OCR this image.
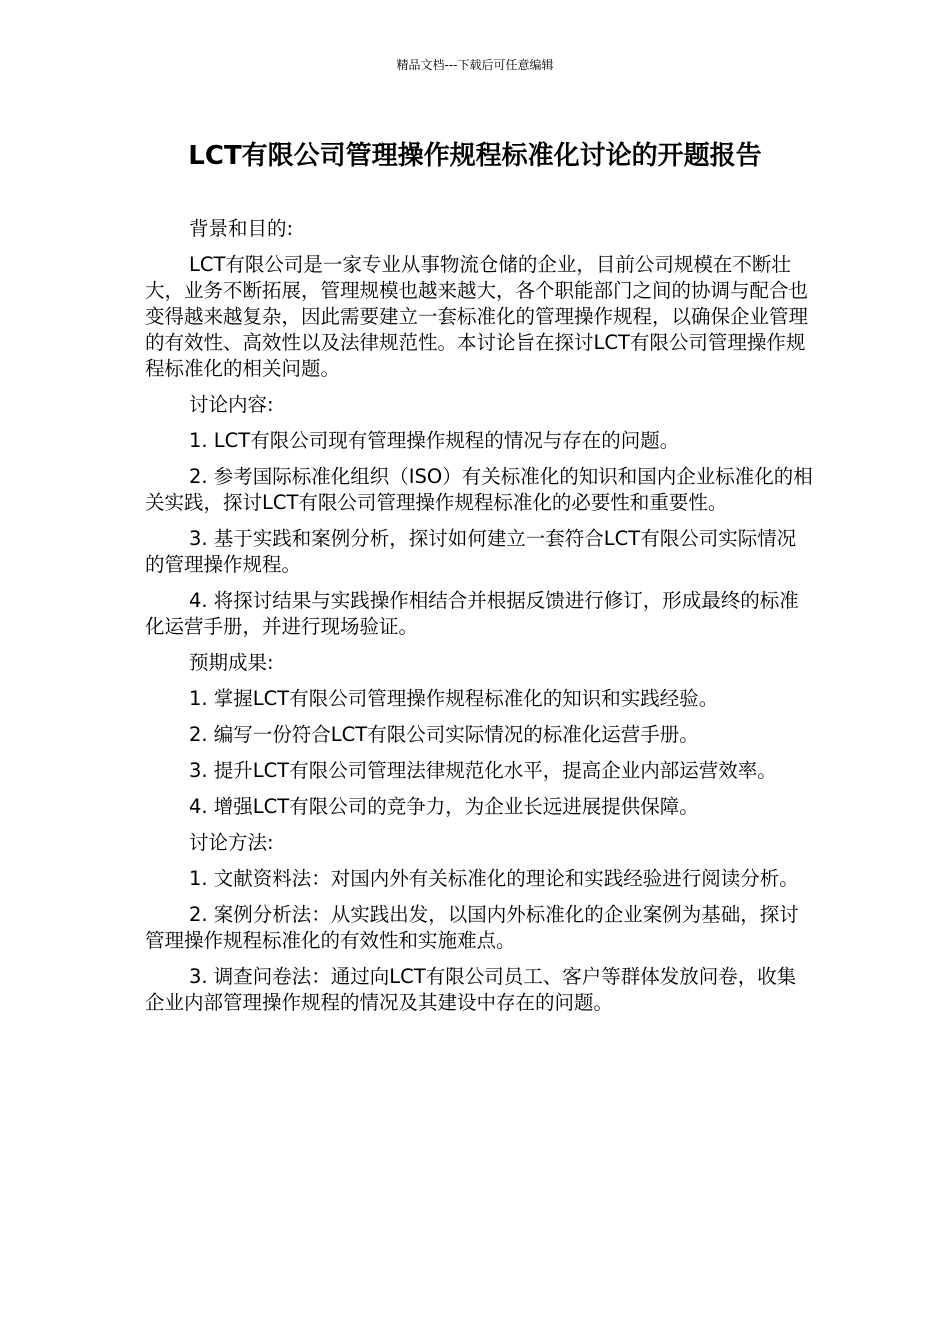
精品文档---下载后可任意编辑
LCT有限公司管理操作规程标准化讨论的开题报告

背景和目的:

LCT有限公司是一家专业从事物流仓储的企业，目前公司规模在不断壮大，业务不断拓展，管理规模也越来越大，各个职能部门之间的协调与配合也变得越来越复杂，因此需要建立一套标准化的管理操作规程，以确保企业管理的有效性、高效性以及法律规范性。本讨论旨在探讨LCT有限公司管理操作规程标准化的相关问题。

讨论内容:

1. LCT有限公司现有管理操作规程的情况与存在的问题。

2. 参考国际标准化组织（ISO）有关标准化的知识和国内企业标准化的相关实践，探讨LCT有限公司管理操作规程标准化的必要性和重要性。

3. 基于实践和案例分析，探讨如何建立一套符合LCT有限公司实际情况的管理操作规程。

4. 将探讨结果与实践操作相结合并根据反馈进行修订，形成最终的标准化运营手册，并进行现场验证。

预期成果:

1. 掌握LCT有限公司管理操作规程标准化的知识和实践经验。

2. 编写一份符合LCT有限公司实际情况的标准化运营手册。

3. 提升LCT有限公司管理法律规范化水平，提高企业内部运营效率。

4. 增强LCT有限公司的竞争力，为企业长远进展提供保障。

讨论方法:

1. 文献资料法：对国内外有关标准化的理论和实践经验进行阅读分析。

2. 案例分析法：从实践出发，以国内外标准化的企业案例为基础，探讨管理操作规程标准化的有效性和实施难点。

3. 调查问卷法：通过向LCT有限公司员工、客户等群体发放问卷，收集企业内部管理操作规程的情况及其建设中存在的问题。
